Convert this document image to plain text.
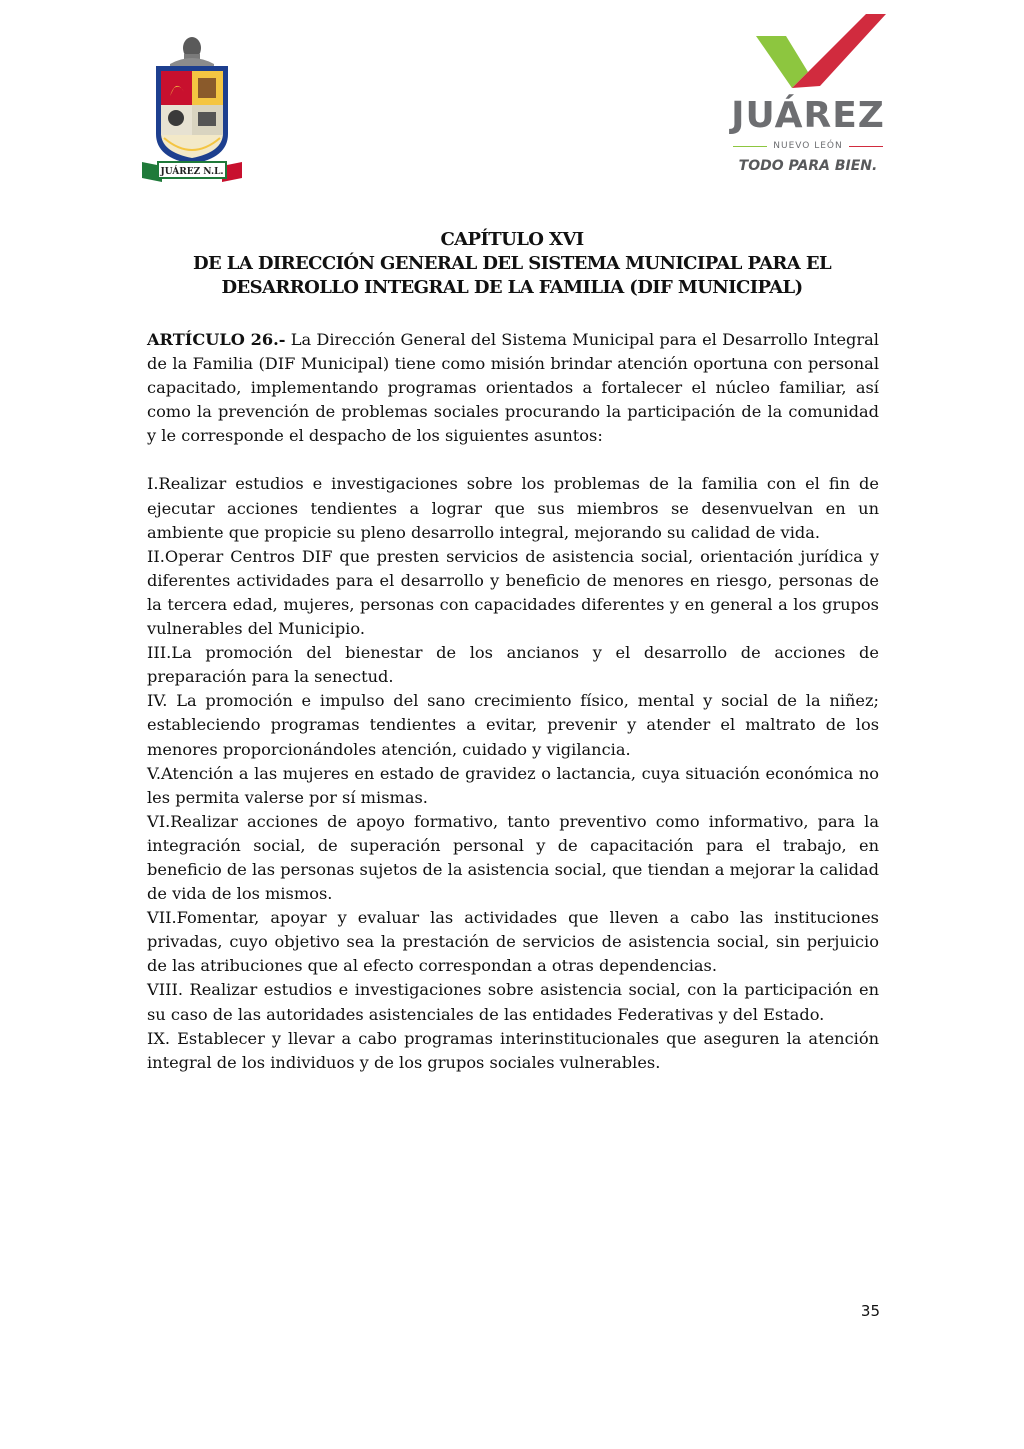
JUÁREZ N.L.
JUÁREZ
NUEVO LEÓN
TODO PARA BIEN.
CAPÍTULO XVI
DE LA DIRECCIÓN GENERAL DEL SISTEMA MUNICIPAL PARA EL
DESARROLLO INTEGRAL DE LA FAMILIA (DIF MUNICIPAL)

ARTÍCULO 26.- La Dirección General del Sistema Municipal para el Desarrollo Integral de la Familia (DIF Municipal) tiene como misión brindar atención oportuna con personal capacitado, implementando programas orientados a fortalecer el núcleo familiar, así como la prevención de problemas sociales procurando la participación de la comunidad y le corresponde el despacho de los siguientes asuntos:

I.Realizar estudios e investigaciones sobre los problemas de la familia con el fin de ejecutar acciones tendientes a lograr que sus miembros se desenvuelvan en un ambiente que propicie su pleno desarrollo integral, mejorando su calidad de vida.

II.Operar Centros DIF que presten servicios de asistencia social, orientación jurídica y diferentes actividades para el desarrollo y beneficio de menores en riesgo, personas de la tercera edad, mujeres, personas con capacidades diferentes y en general a los grupos vulnerables del Municipio.

III.La promoción del bienestar de los ancianos y el desarrollo de acciones de preparación para la senectud.

IV. La promoción e impulso del sano crecimiento físico, mental y social de la niñez; estableciendo programas tendientes a evitar, prevenir y atender el maltrato de los menores proporcionándoles atención, cuidado y vigilancia.

V.Atención a las mujeres en estado de gravidez o lactancia, cuya situación económica no les permita valerse por sí mismas.

VI.Realizar acciones de apoyo formativo, tanto preventivo como informativo, para la integración social, de superación personal y de capacitación para el trabajo, en beneficio de las personas sujetos de la asistencia social, que tiendan a mejorar la calidad de vida de los mismos.

VII.Fomentar, apoyar y evaluar las actividades que lleven a cabo las instituciones privadas, cuyo objetivo sea la prestación de servicios de asistencia social, sin perjuicio de las atribuciones que al efecto correspondan a otras dependencias.

VIII. Realizar estudios e investigaciones sobre asistencia social, con la participación en su caso de las autoridades asistenciales de las entidades Federativas y del Estado.

IX. Establecer y llevar a cabo programas interinstitucionales que aseguren la atención integral de los individuos y de los grupos sociales vulnerables.

35
